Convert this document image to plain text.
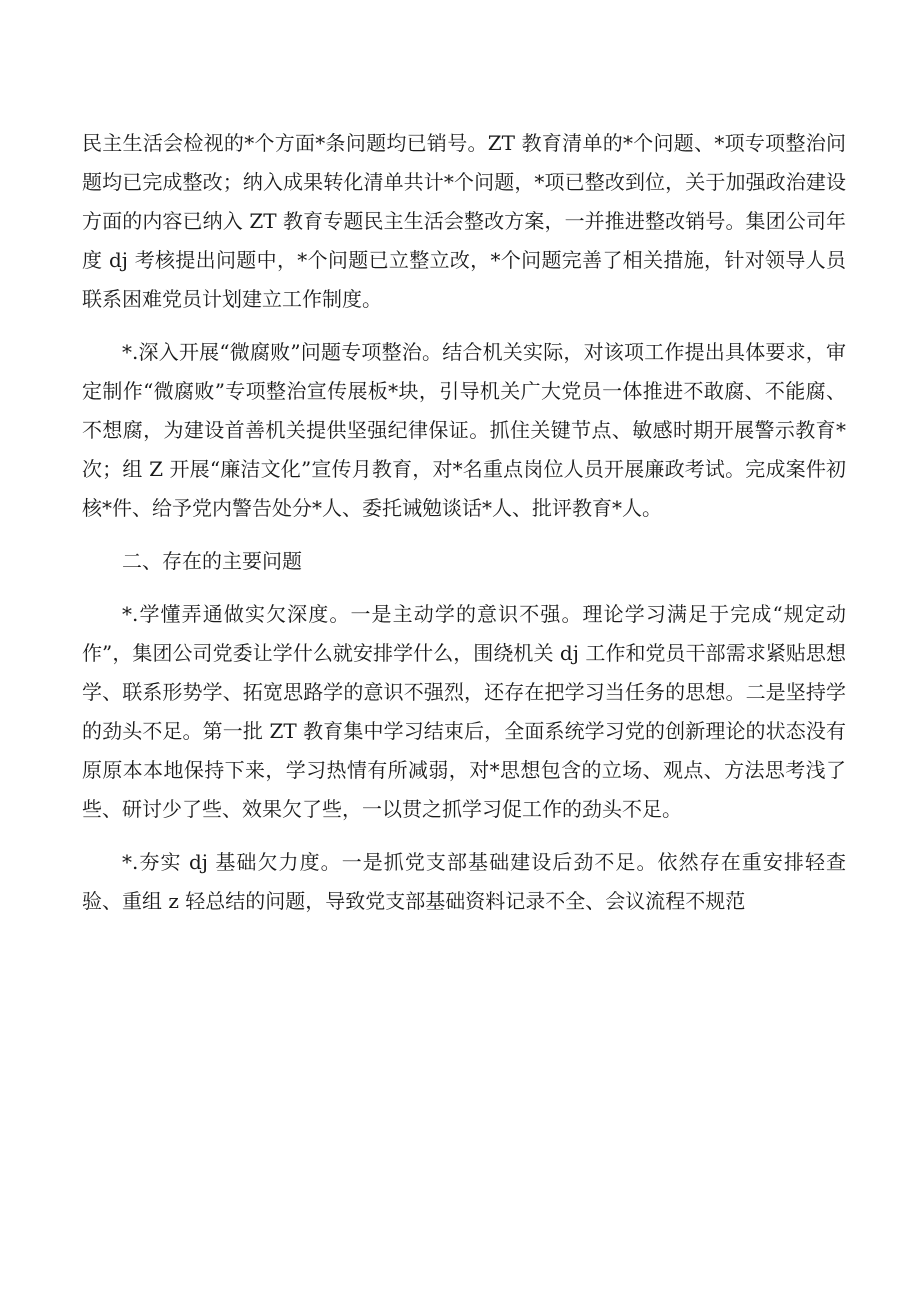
民主生活会检视的*个方面*条问题均已销号。ZT 教育清单的*个问题、*项专项整治问题均已完成整改；纳入成果转化清单共计*个问题，*项已整改到位，关于加强政治建设方面的内容已纳入 ZT 教育专题民主生活会整改方案，一并推进整改销号。集团公司年度 dj 考核提出问题中，*个问题已立整立改，*个问题完善了相关措施，针对领导人员联系困难党员计划建立工作制度。

*.深入开展“微腐败”问题专项整治。结合机关实际，对该项工作提出具体要求，审定制作“微腐败”专项整治宣传展板*块，引导机关广大党员一体推进不敢腐、不能腐、不想腐，为建设首善机关提供坚强纪律保证。抓住关键节点、敏感时期开展警示教育*次；组 Z 开展“廉洁文化”宣传月教育，对*名重点岗位人员开展廉政考试。完成案件初核*件、给予党内警告处分*人、委托诫勉谈话*人、批评教育*人。

二、存在的主要问题

*.学懂弄通做实欠深度。一是主动学的意识不强。理论学习满足于完成“规定动作”，集团公司党委让学什么就安排学什么，围绕机关 dj 工作和党员干部需求紧贴思想学、联系形势学、拓宽思路学的意识不强烈，还存在把学习当任务的思想。二是坚持学的劲头不足。第一批 ZT 教育集中学习结束后，全面系统学习党的创新理论的状态没有原原本本地保持下来，学习热情有所减弱，对*思想包含的立场、观点、方法思考浅了些、研讨少了些、效果欠了些，一以贯之抓学习促工作的劲头不足。

*.夯实 dj 基础欠力度。一是抓党支部基础建设后劲不足。依然存在重安排轻查验、重组 z 轻总结的问题，导致党支部基础资料记录不全、会议流程不规范
